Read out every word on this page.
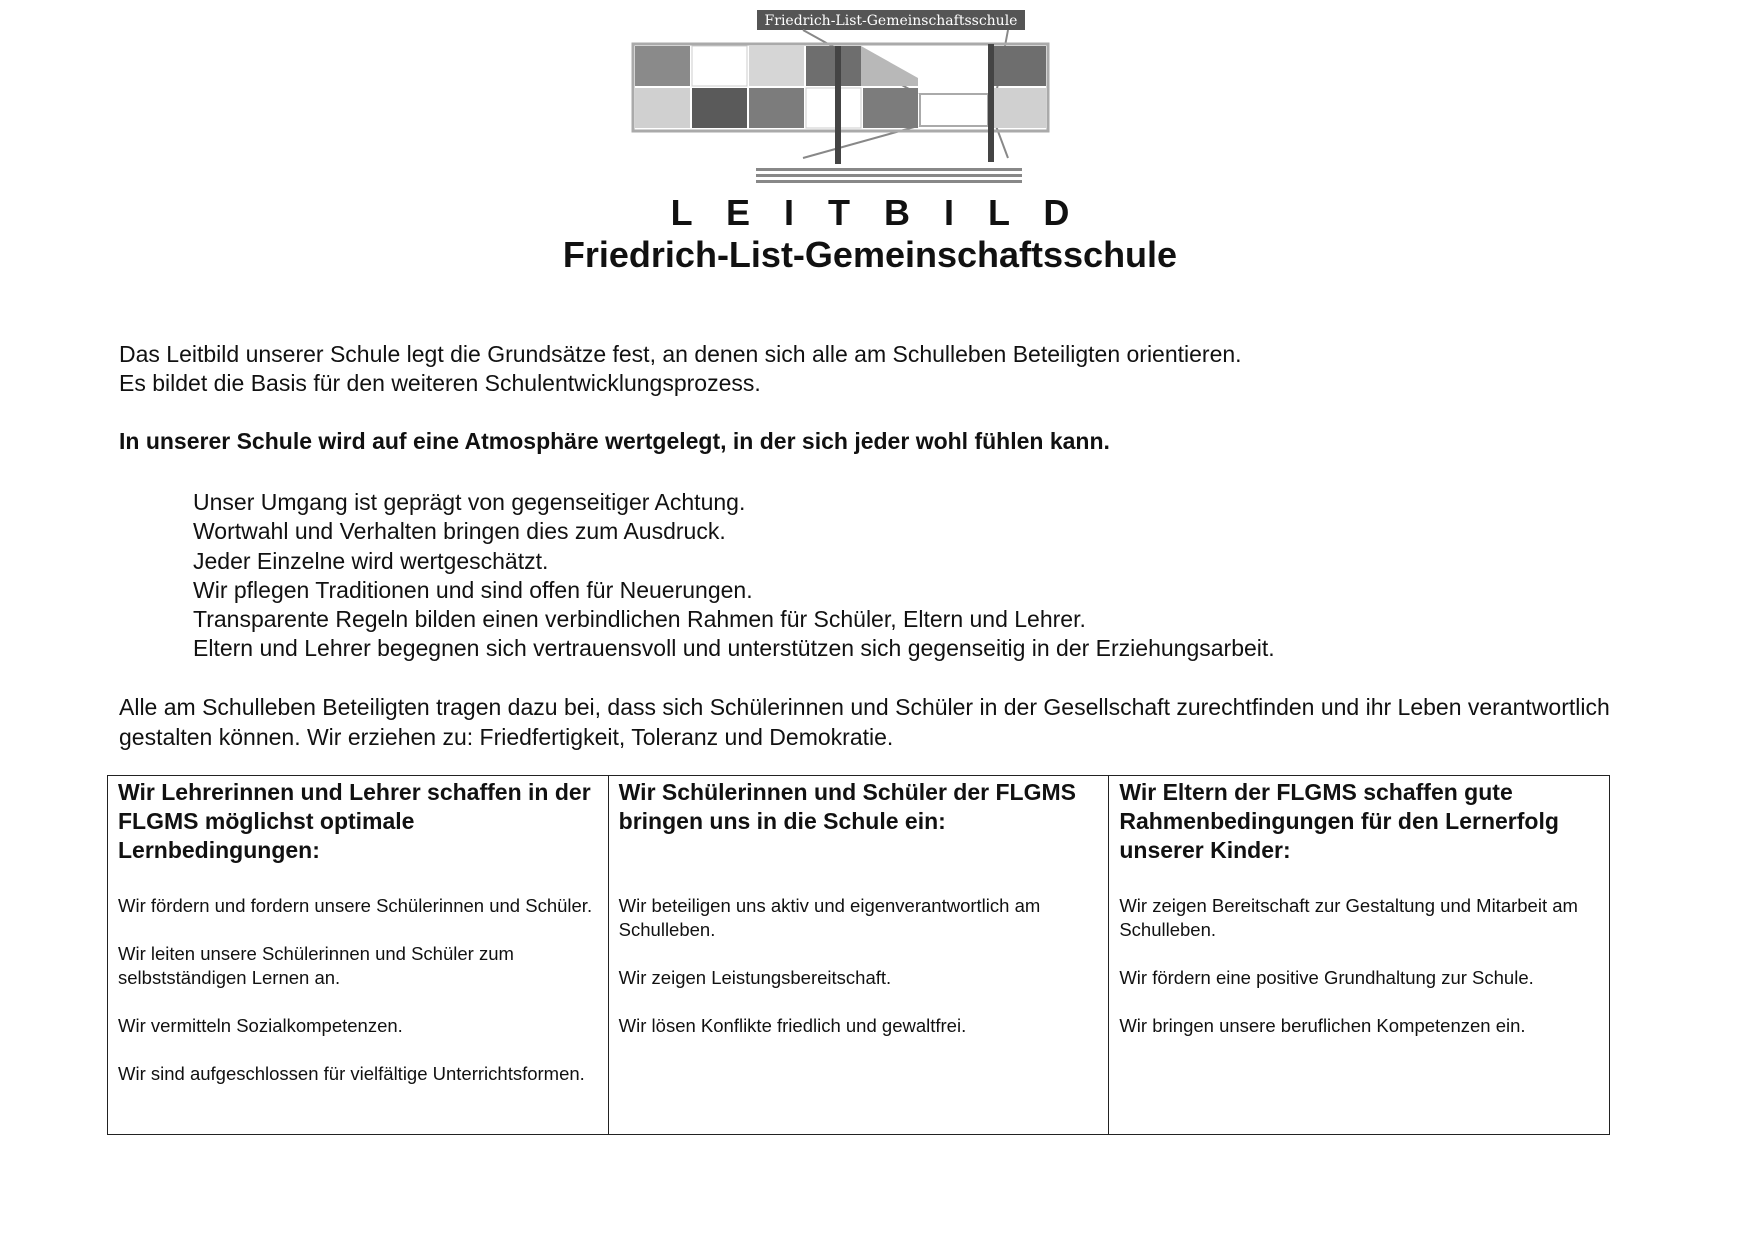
Friedrich-List-Gemeinschaftsschule
L E I T B I L D
Friedrich-List-Gemeinschaftsschule

Das Leitbild unserer Schule legt die Grundsätze fest, an denen sich alle am Schulleben Beteiligten orientieren.

Es bildet die Basis für den weiteren Schulentwicklungsprozess.

In unserer Schule wird auf eine Atmosphäre wertgelegt, in der sich jeder wohl fühlen kann.
Unser Umgang ist geprägt von gegenseitiger Achtung.
Wortwahl und Verhalten bringen dies zum Ausdruck.
Jeder Einzelne wird wertgeschätzt.
Wir pflegen Traditionen und sind offen für Neuerungen.
Transparente Regeln bilden einen verbindlichen Rahmen für Schüler, Eltern und Lehrer.
Eltern und Lehrer begegnen sich vertrauensvoll und unterstützen sich gegenseitig in der Erziehungsarbeit.

Alle am Schulleben Beteiligten tragen dazu bei, dass sich Schülerinnen und Schüler in der Gesellschaft zurechtfinden und ihr Leben verantwortlich gestalten können. Wir erziehen zu: Friedfertigkeit, Toleranz und Demokratie.

Wir Lehrerinnen und Lehrer schaffen in der FLGMS möglichst optimale Lernbedingungen:

Wir fördern und fordern unsere Schülerinnen und Schüler.

Wir leiten unsere Schülerinnen und Schüler zum selbstständigen Lernen an.

Wir vermitteln Sozialkompetenzen.

Wir sind aufgeschlossen für vielfältige Unterrichtsformen.

Wir Schülerinnen und Schüler der FLGMS bringen uns in die Schule ein:

Wir beteiligen uns aktiv und eigenverantwortlich am Schulleben.

Wir zeigen Leistungsbereitschaft.

Wir lösen Konflikte friedlich und gewaltfrei.

Wir Eltern der FLGMS schaffen gute Rahmenbedingungen für den Lernerfolg unserer Kinder:

Wir zeigen Bereitschaft zur Gestaltung und Mitarbeit am Schulleben.

Wir fördern eine positive Grundhaltung zur Schule.

Wir bringen unsere beruflichen Kompetenzen ein.
